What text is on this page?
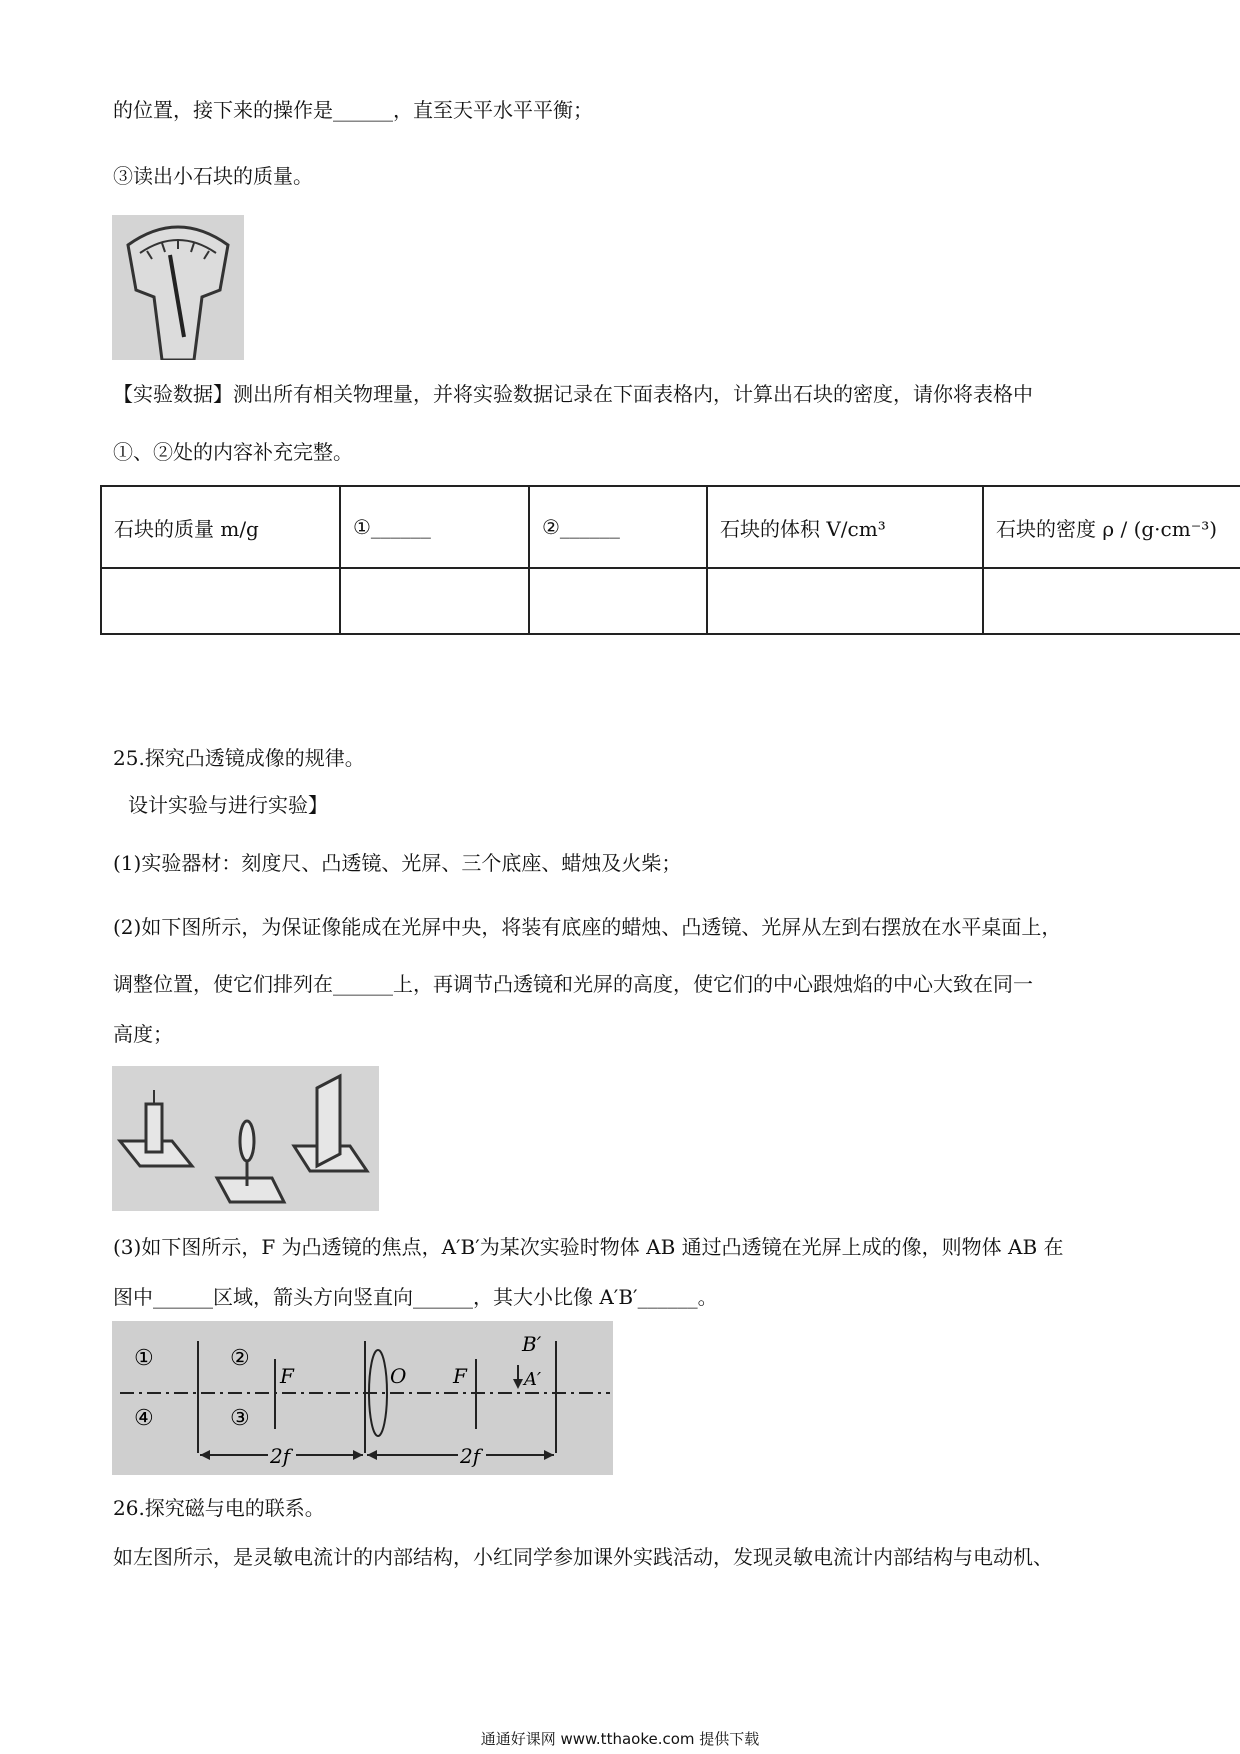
的位置，接下来的操作是______，直至天平水平平衡；
③读出小石块的质量。
【实验数据】测出所有相关物理量，并将实验数据记录在下面表格内，计算出石块的密度，请你将表格中
①、②处的内容补充完整。
石块的质量 m/g	①______	②______	石块的体积 V/cm³	石块的密度 ρ / (g·cm⁻³)

25.探究凸透镜成像的规律。
设计实验与进行实验】
(1)实验器材：刻度尺、凸透镜、光屏、三个底座、蜡烛及火柴；
(2)如下图所示，为保证像能成在光屏中央，将装有底座的蜡烛、凸透镜、光屏从左到右摆放在水平桌面上，
调整位置，使它们排列在______上，再调节凸透镜和光屏的高度，使它们的中心跟烛焰的中心大致在同一
高度；
(3)如下图所示，F 为凸透镜的焦点，A′B′为某次实验时物体 AB 通过凸透镜在光屏上成的像，则物体 AB 在
图中______区域，箭头方向竖直向______，其大小比像 A′B′______。
①	②
④	③
F	O F
B′
A′
2f	2f
26.探究磁与电的联系。
如左图所示，是灵敏电流计的内部结构，小红同学参加课外实践活动，发现灵敏电流计内部结构与电动机、
通通好课网 www.tthaoke.com 提供下载
